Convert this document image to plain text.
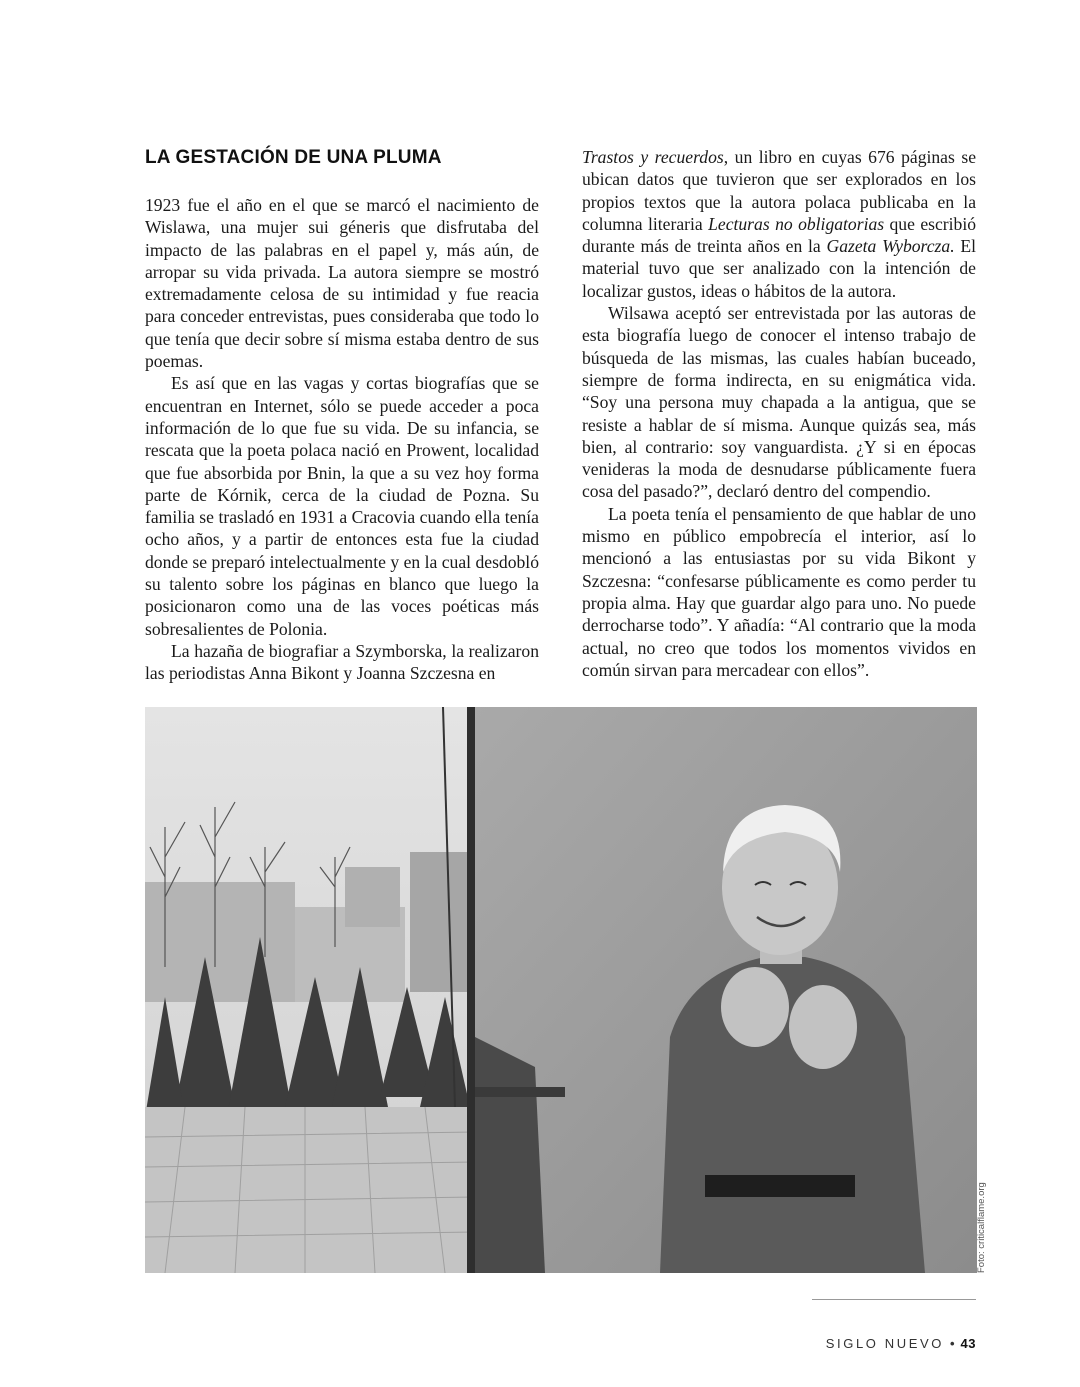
LA GESTACIÓN DE UNA PLUMA

1923 fue el año en el que se marcó el nacimiento de Wislawa, una mujer sui géneris que disfrutaba del impacto de las palabras en el papel y, más aún, de arropar su vida privada. La autora siempre se mostró extremadamente celosa de su intimidad y fue reacia para conceder entrevistas, pues consideraba que todo lo que tenía que decir sobre sí misma estaba dentro de sus poemas.

Es así que en las vagas y cortas biografías que se encuentran en Internet, sólo se puede acceder a poca información de lo que fue su vida. De su infancia, se rescata que la poeta polaca nació en Prowent, localidad que fue absorbida por Bnin, la que a su vez hoy forma parte de Kórnik, cerca de la ciudad de Pozna. Su familia se trasladó en 1931 a Cracovia cuando ella tenía ocho años, y a partir de entonces esta fue la ciudad donde se preparó intelectualmente y en la cual desdobló su talento sobre los páginas en blanco que luego la posicionaron como una de las voces poéticas más sobresalientes de Polonia.

La hazaña de biografiar a Szymborska, la realizaron las periodistas Anna Bikont y Joanna Szczesna en

Trastos y recuerdos, un libro en cuyas 676 páginas se ubican datos que tuvieron que ser explorados en los propios textos que la autora polaca publicaba en la columna literaria Lecturas no obligatorias que escribió durante más de treinta años en la Gazeta Wyborcza. El material tuvo que ser analizado con la intención de localizar gustos, ideas o hábitos de la autora.

Wilsawa aceptó ser entrevistada por las autoras de esta biografía luego de conocer el intenso trabajo de búsqueda de las mismas, las cuales habían buceado, siempre de forma indirecta, en su enigmática vida. “Soy una persona muy chapada a la antigua, que se resiste a hablar de sí misma. Aunque quizás sea, más bien, al contrario: soy vanguardista. ¿Y si en épocas venideras la moda de desnudarse públicamente fuera cosa del pasado?”, declaró dentro del compendio.

La poeta tenía el pensamiento de que hablar de uno mismo en público empobrecía el interior, así lo mencionó a las entusiastas por su vida Bikont y Szczesna: “confesarse públicamente es como perder tu propia alma. Hay que guardar algo para uno. No puede derrocharse todo”. Y añadía: “Al contrario que la moda actual, no creo que todos los momentos vividos en común sirvan para mercadear con ellos”.

Foto: criticalflame.org
SIGLO NUEVO • 43
